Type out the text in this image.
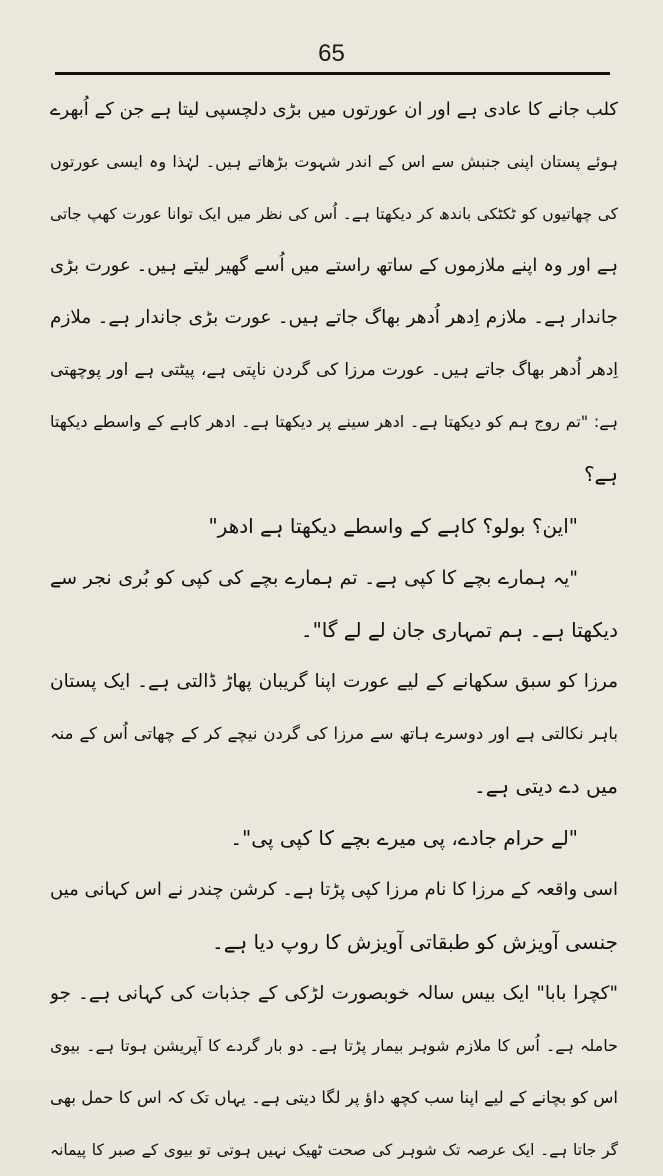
65
کلب جانے کا عادی ہے اور ان عورتوں میں بڑی دلچسپی لیتا ہے جن کے اُبھرے
ہوئے پستان اپنی جنبش سے اس کے اندر شہوت بڑھاتے ہیں۔ لہٰذا وہ ایسی عورتوں
کی چھاتیوں کو ٹکٹکی باندھ کر دیکھتا ہے۔ اُس کی نظر میں ایک توانا عورت کھپ جاتی
ہے اور وہ اپنے ملازموں کے ساتھ راستے میں اُسے گھیر لیتے ہیں۔ عورت بڑی
جاندار ہے۔ ملازم اِدھر اُدھر بھاگ جاتے ہیں۔ عورت بڑی جاندار ہے۔ ملازم
اِدھر اُدھر بھاگ جاتے ہیں۔ عورت مرزا کی گردن ناپتی ہے، پیٹتی ہے اور پوچھتی
ہے: "تم روج ہم کو دیکھتا ہے۔ ادھر سینے پر دیکھتا ہے۔ ادھر کاہے کے واسطے دیکھتا
ہے؟
"این؟ بولو؟ کاہے کے واسطے دیکھتا ہے ادھر"
"یہ ہمارے بچے کا کپی ہے۔ تم ہمارے بچے کی کپی کو بُری نجر سے
دیکھتا ہے۔ ہم تمہاری جان لے لے گا"۔
مرزا کو سبق سکھانے کے لیے عورت اپنا گریبان پھاڑ ڈالتی ہے۔ ایک پستان
باہر نکالتی ہے اور دوسرے ہاتھ سے مرزا کی گردن نیچے کر کے چھاتی اُس کے منہ
میں دے دیتی ہے۔
"لے حرام جادے، پی میرے بچے کا کپی پی"۔
اسی واقعہ کے مرزا کا نام مرزا کپی پڑتا ہے۔ کرشن چندر نے اس کہانی میں
جنسی آویزش کو طبقاتی آویزش کا روپ دیا ہے۔
"کچرا بابا" ایک بیس سالہ خوبصورت لڑکی کے جذبات کی کہانی ہے۔ جو
حاملہ ہے۔ اُس کا ملازم شوہر بیمار پڑتا ہے۔ دو بار گردے کا آپریشن ہوتا ہے۔ بیوی
اس کو بچانے کے لیے اپنا سب کچھ داؤ پر لگا دیتی ہے۔ یہاں تک کہ اس کا حمل بھی
گر جاتا ہے۔ ایک عرصہ تک شوہر کی صحت ٹھیک نہیں ہوتی تو بیوی کے صبر کا پیمانہ
